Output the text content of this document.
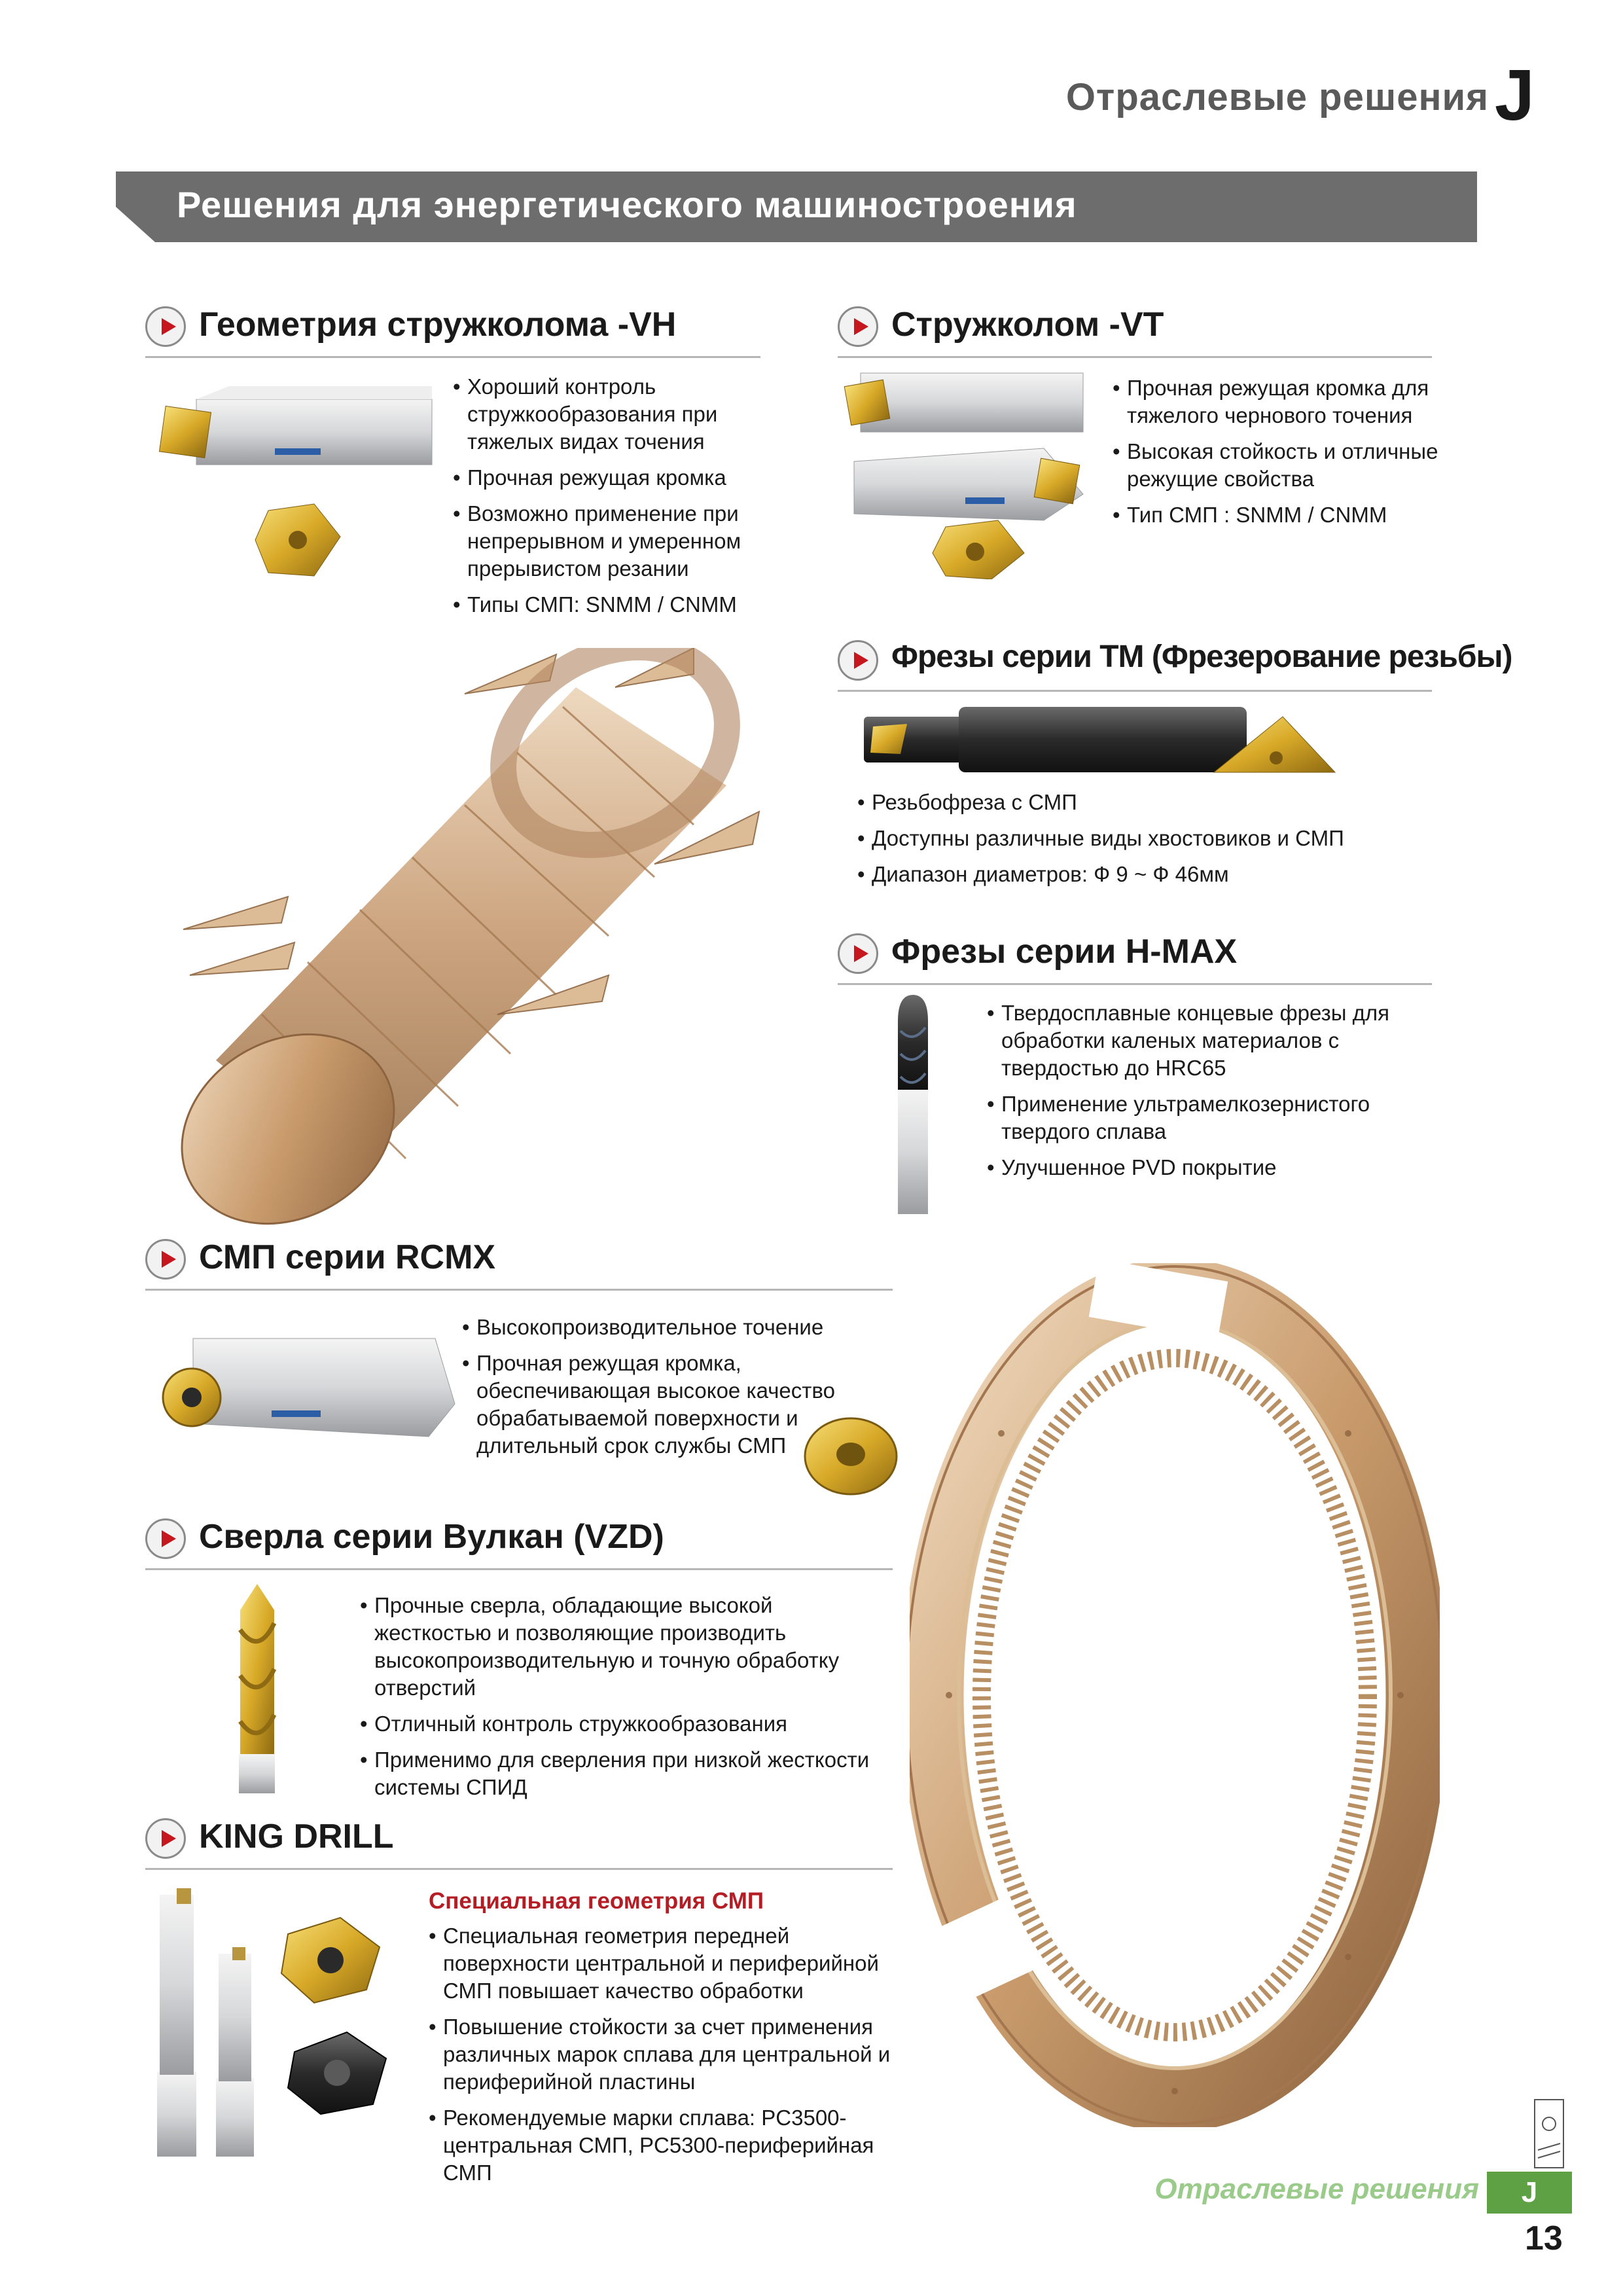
Отраслевые решения J
Решения для энергетического машиностроения
Геометрия стружколома -VH
• Хороший контроль стружкообразования при тяжелых видах точения
• Прочная режущая кромка
• Возможно применение при непрерывном и умеренном прерывистом резании
• Типы СМП: SNMM / CNMM
Стружколом -VT
• Прочная режущая кромка для тяжелого чернового точения
• Высокая стойкость и отличные режущие свойства
• Тип СМП : SNMM / CNMM
Фрезы серии TM (Фрезерование резьбы)
• Резьбофреза с СМП
• Доступны различные виды хвостовиков и СМП
• Диапазон диаметров: Ф 9 ~ Ф 46мм
Фрезы серии H-MAX
• Твердосплавные концевые фрезы для обработки каленых материалов с твердостью до HRC65
• Применение ультрамелкозернистого твердого сплава
• Улучшенное PVD покрытие
СМП серии RCMX
• Высокопроизводительное точение
• Прочная режущая кромка, обеспечивающая высокое качество обрабатываемой поверхности и длительный срок службы СМП
Сверла серии Вулкан (VZD)
• Прочные сверла, обладающие высокой жесткостью и позволяющие производить высокопроизводительную и точную обработку отверстий
• Отличный контроль стружкообразования
• Применимо для сверления при низкой жесткости системы СПИД
KING DRILL
Специальная геометрия СМП
• Специальная геометрия передней поверхности центральной и периферийной СМП повышает качество обработки
• Повышение стойкости за счет применения различных марок сплава для центральной и периферийной пластины
• Рекомендуемые марки сплава: PC3500-центральная СМП, PC5300-периферийная СМП
Отраслевые решения	J
13
